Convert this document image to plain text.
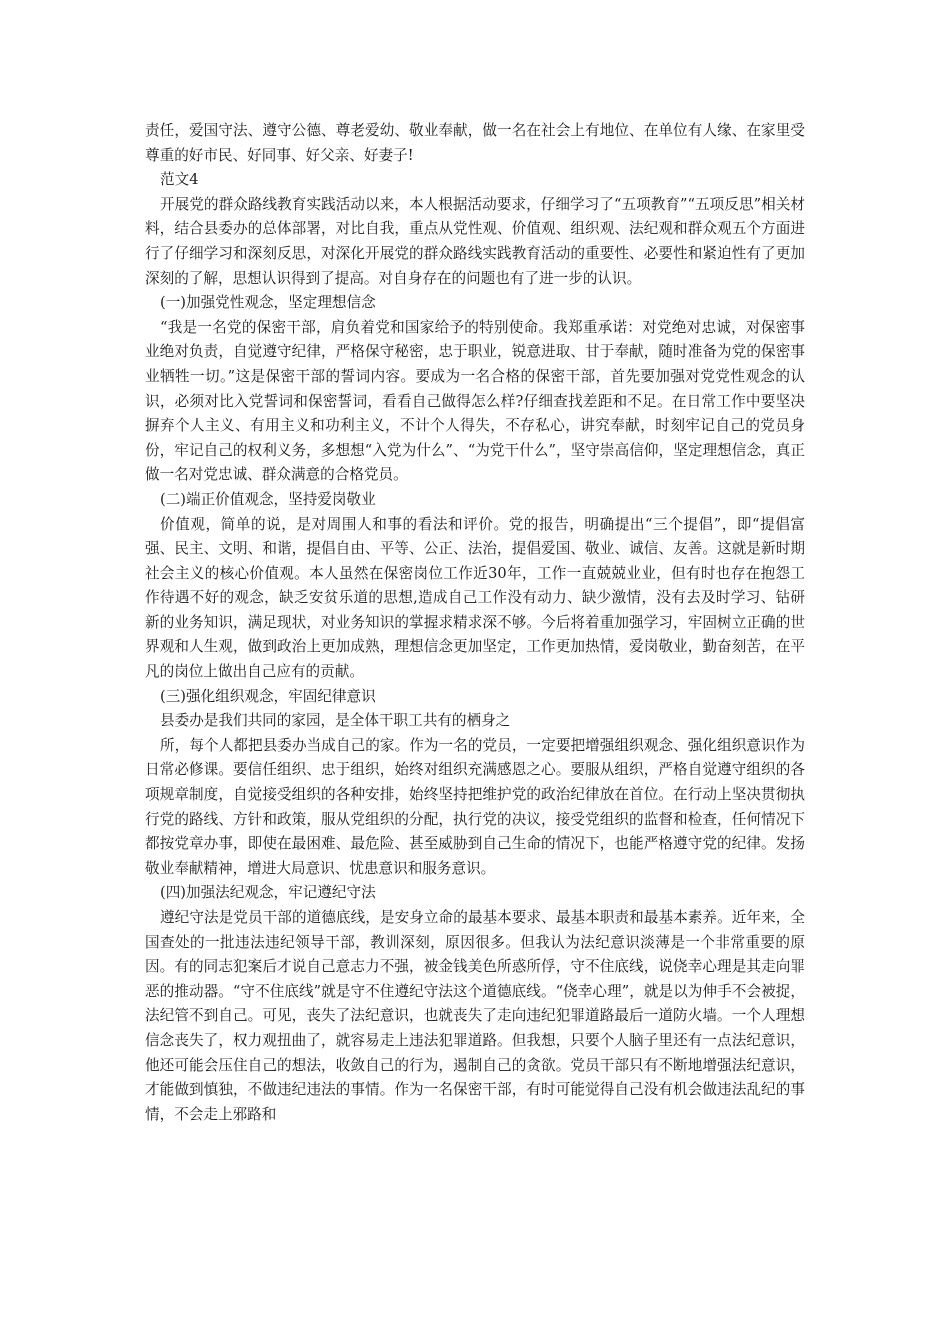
责任，爱国守法、遵守公德、尊老爱幼、敬业奉献，做一名在社会上有地位、在单位有人缘、在家里受尊重的好市民、好同事、好父亲、好妻子!

范文4

开展党的群众路线教育实践活动以来，本人根据活动要求，仔细学习了“五项教育”“五项反思”相关材料，结合县委办的总体部署，对比自我，重点从党性观、价值观、组织观、法纪观和群众观五个方面进行了仔细学习和深刻反思，对深化开展党的群众路线实践教育活动的重要性、必要性和紧迫性有了更加深刻的了解，思想认识得到了提高。对自身存在的问题也有了进一步的认识。

(一)加强党性观念，坚定理想信念

“我是一名党的保密干部，肩负着党和国家给予的特别使命。我郑重承诺：对党绝对忠诚，对保密事业绝对负责，自觉遵守纪律，严格保守秘密，忠于职业，锐意进取、甘于奉献，随时准备为党的保密事业牺牲一切。”这是保密干部的誓词内容。要成为一名合格的保密干部，首先要加强对党党性观念的认识，必须对比入党誓词和保密誓词，看看自己做得怎么样?仔细查找差距和不足。在日常工作中要坚决摒弃个人主义、有用主义和功利主义，不计个人得失，不存私心，讲究奉献，时刻牢记自己的党员身份，牢记自己的权利义务，多想想“入党为什么”、“为党干什么”，坚守崇高信仰，坚定理想信念，真正做一名对党忠诚、群众满意的合格党员。

(二)端正价值观念，坚持爱岗敬业

价值观，简单的说，是对周围人和事的看法和评价。党的报告，明确提出“三个提倡”，即“提倡富强、民主、文明、和谐，提倡自由、平等、公正、法治，提倡爱国、敬业、诚信、友善。这就是新时期社会主义的核心价值观。本人虽然在保密岗位工作近30年，工作一直兢兢业业，但有时也存在抱怨工作待遇不好的观念，缺乏安贫乐道的思想,造成自己工作没有动力、缺少激情，没有去及时学习、钻研新的业务知识，满足现状，对业务知识的掌握求精求深不够。今后将着重加强学习，牢固树立正确的世界观和人生观，做到政治上更加成熟，理想信念更加坚定，工作更加热情，爱岗敬业，勤奋刻苦，在平凡的岗位上做出自己应有的贡献。

(三)强化组织观念，牢固纪律意识

县委办是我们共同的家园，是全体干职工共有的栖身之

所，每个人都把县委办当成自己的家。作为一名的党员，一定要把增强组织观念、强化组织意识作为日常必修课。要信任组织、忠于组织，始终对组织充满感恩之心。要服从组织，严格自觉遵守组织的各项规章制度，自觉接受组织的各种安排，始终坚持把维护党的政治纪律放在首位。在行动上坚决贯彻执行党的路线、方针和政策，服从党组织的分配，执行党的决议，接受党组织的监督和检查，任何情况下都按党章办事，即使在最困难、最危险、甚至威胁到自己生命的情况下，也能严格遵守党的纪律。发扬敬业奉献精神，增进大局意识、忧患意识和服务意识。

(四)加强法纪观念，牢记遵纪守法

遵纪守法是党员干部的道德底线，是安身立命的最基本要求、最基本职责和最基本素养。近年来，全国查处的一批违法违纪领导干部，教训深刻，原因很多。但我认为法纪意识淡薄是一个非常重要的原因。有的同志犯案后才说自己意志力不强，被金钱美色所惑所俘，守不住底线，说侥幸心理是其走向罪恶的推动器。“守不住底线”就是守不住遵纪守法这个道德底线。“侥幸心理”，就是以为伸手不会被捉，法纪管不到自己。可见，丧失了法纪意识，也就丧失了走向违纪犯罪道路最后一道防火墙。一个人理想信念丧失了，权力观扭曲了，就容易走上违法犯罪道路。但我想，只要个人脑子里还有一点法纪意识，他还可能会压住自己的想法，收敛自己的行为，遏制自己的贪欲。党员干部只有不断地增强法纪意识，才能做到慎独，不做违纪违法的事情。作为一名保密干部，有时可能觉得自己没有机会做违法乱纪的事情，不会走上邪路和
